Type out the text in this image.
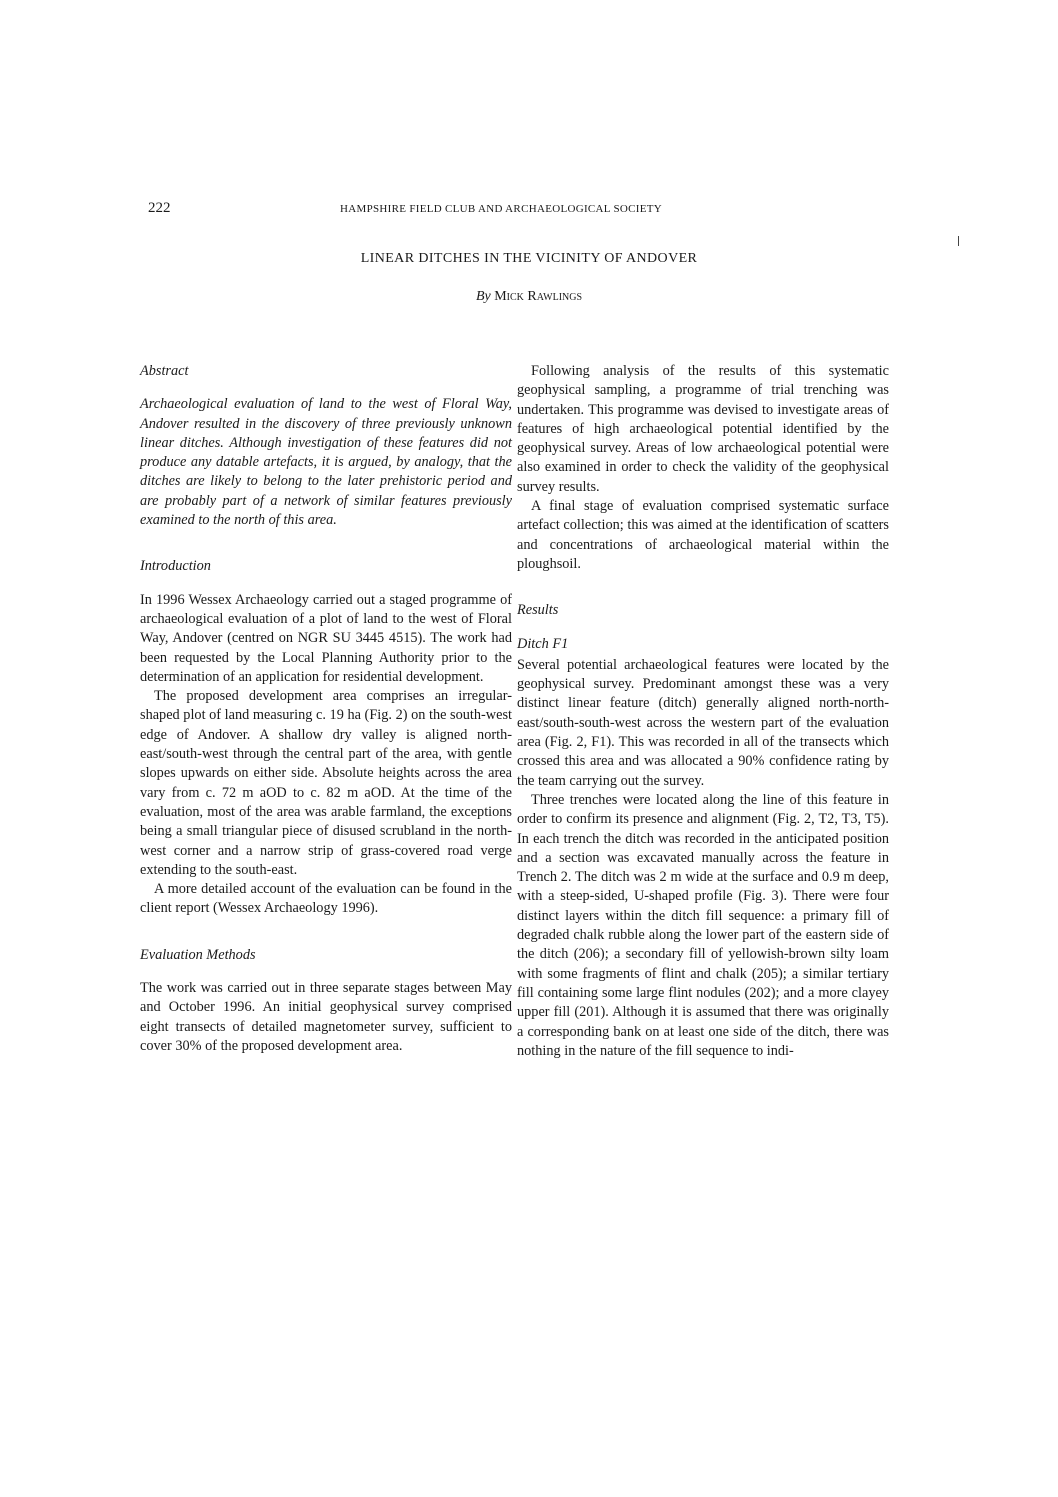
222	HAMPSHIRE FIELD CLUB AND ARCHAEOLOGICAL SOCIETY
LINEAR DITCHES IN THE VICINITY OF ANDOVER
By Mick Rawlings
Abstract

Archaeological evaluation of land to the west of Floral Way, Andover resulted in the discovery of three previously unknown linear ditches. Although investigation of these features did not produce any datable artefacts, it is argued, by analogy, that the ditches are likely to belong to the later prehistoric period and are probably part of a network of similar features previously examined to the north of this area.

Introduction

In 1996 Wessex Archaeology carried out a staged programme of archaeological evaluation of a plot of land to the west of Floral Way, Andover (centred on NGR SU 3445 4515). The work had been requested by the Local Planning Authority prior to the determination of an application for residential development.

The proposed development area comprises an irregular-shaped plot of land measuring c. 19 ha (Fig. 2) on the south-west edge of Andover. A shallow dry valley is aligned north-east/south-west through the central part of the area, with gentle slopes upwards on either side. Absolute heights across the area vary from c. 72 m aOD to c. 82 m aOD. At the time of the evaluation, most of the area was arable farmland, the exceptions being a small triangular piece of disused scrubland in the north-west corner and a narrow strip of grass-covered road verge extending to the south-east.

A more detailed account of the evaluation can be found in the client report (Wessex Archaeology 1996).

Evaluation Methods

The work was carried out in three separate stages between May and October 1996. An initial geophysical survey comprised eight transects of detailed magnetometer survey, sufficient to cover 30% of the proposed development area.

Following analysis of the results of this systematic geophysical sampling, a programme of trial trenching was undertaken. This programme was devised to investigate areas of features of high archaeological potential identified by the geophysical survey. Areas of low archaeological potential were also examined in order to check the validity of the geophysical survey results.

A final stage of evaluation comprised systematic surface artefact collection; this was aimed at the identification of scatters and concentrations of archaeological material within the ploughsoil.

Results
Ditch F1

Several potential archaeological features were located by the geophysical survey. Predominant amongst these was a very distinct linear feature (ditch) generally aligned north-north-east/south-south-west across the western part of the evaluation area (Fig. 2, F1). This was recorded in all of the transects which crossed this area and was allocated a 90% confidence rating by the team carrying out the survey.

Three trenches were located along the line of this feature in order to confirm its presence and alignment (Fig. 2, T2, T3, T5). In each trench the ditch was recorded in the anticipated position and a section was excavated manually across the feature in Trench 2. The ditch was 2 m wide at the surface and 0.9 m deep, with a steep-sided, U-shaped profile (Fig. 3). There were four distinct layers within the ditch fill sequence: a primary fill of degraded chalk rubble along the lower part of the eastern side of the ditch (206); a secondary fill of yellowish-brown silty loam with some fragments of flint and chalk (205); a similar tertiary fill containing some large flint nodules (202); and a more clayey upper fill (201). Although it is assumed that there was originally a corresponding bank on at least one side of the ditch, there was nothing in the nature of the fill sequence to indi-
